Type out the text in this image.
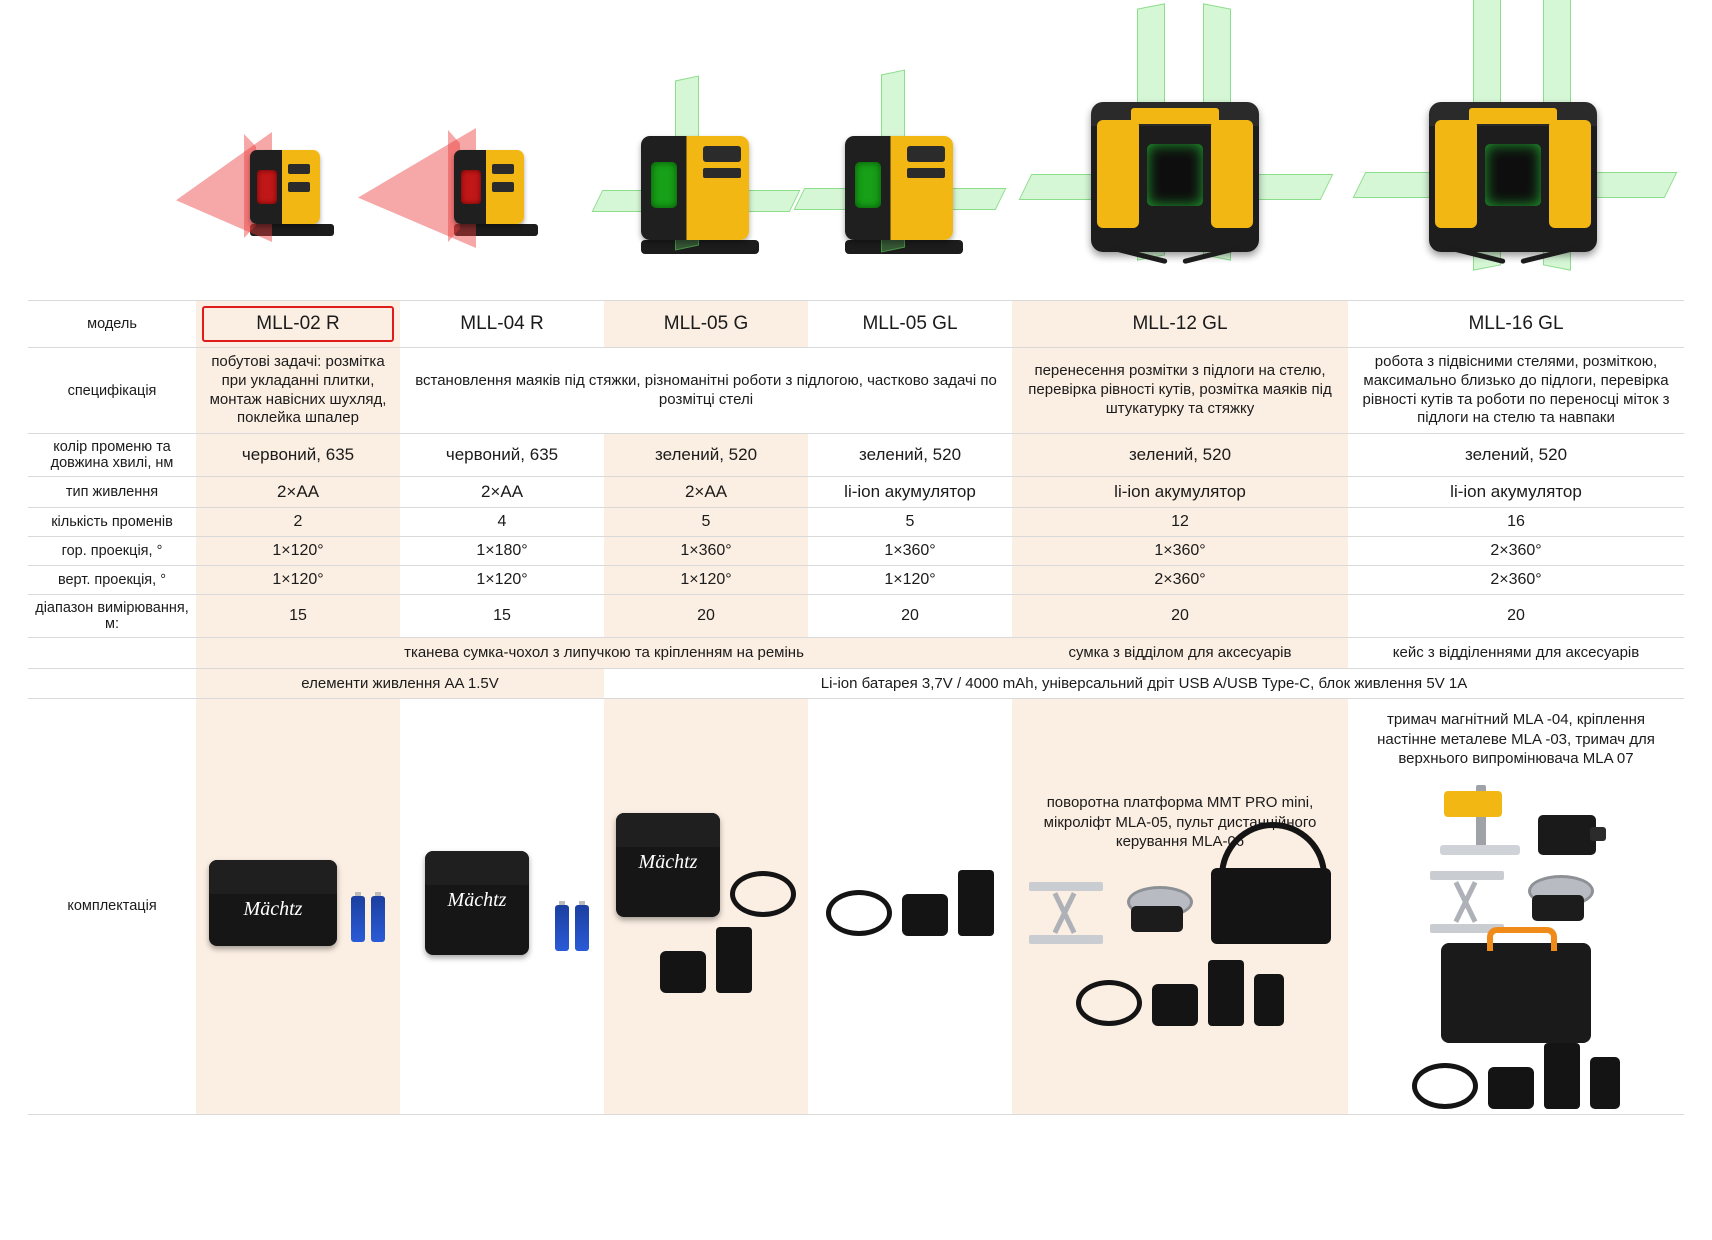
модель	MLL-02 R	MLL-04 R	MLL-05 G	MLL-05 GL	MLL-12 GL	MLL-16 GL
специфікація	побутові задачі: розмітка при укладанні плитки, монтаж навісних шухляд, поклейка шпалер	встановлення маяків під стяжки, різноманітні роботи з підлогою, частково задачі по розмітці стелі			перенесення розмітки з підлоги на стелю, перевірка рівності кутів, розмітка маяків під штукатурку та стяжку	робота з підвісними стелями, розміткою, максимально близько до підлоги, перевірка рівності кутів та роботи по переносці міток з підлоги на стелю та навпаки
колір променю та довжина хвилі, нм	червоний, 635	червоний, 635	зелений, 520	зелений, 520	зелений, 520	зелений, 520
тип живлення	2×AA	2×AA	2×AA	li-ion акумулятор	li-ion акумулятор	li-ion акумулятор
кількість променів	2	4	5	5	12	16
гор. проекція, °	1×120°	1×180°	1×360°	1×360°	1×360°	2×360°
верт. проекція, °	1×120°	1×120°	1×120°	1×120°	2×360°	2×360°
діапазон вимірювання, м:	15	15	20	20	20	20
	тканева сумка-чохол з липучкою та кріпленням на ремінь				сумка з відділом для аксесуарів	кейс з відділеннями для аксесуарів
	елементи живлення AA 1.5V		Li-ion батарея 3,7V / 4000 mAh, універсальний дріт USB A/USB Type-C, блок живлення 5V 1A			
комплектація	Mächtz	Mächtz	Mächtz		поворотна платформа MMT PRO mini, мікроліфт MLA-05, пульт дистанційного керування MLA-06	тримач магнітний MLA -04, кріплення настінне металеве MLA -03, тримач для верхнього випромінювача MLA 07
